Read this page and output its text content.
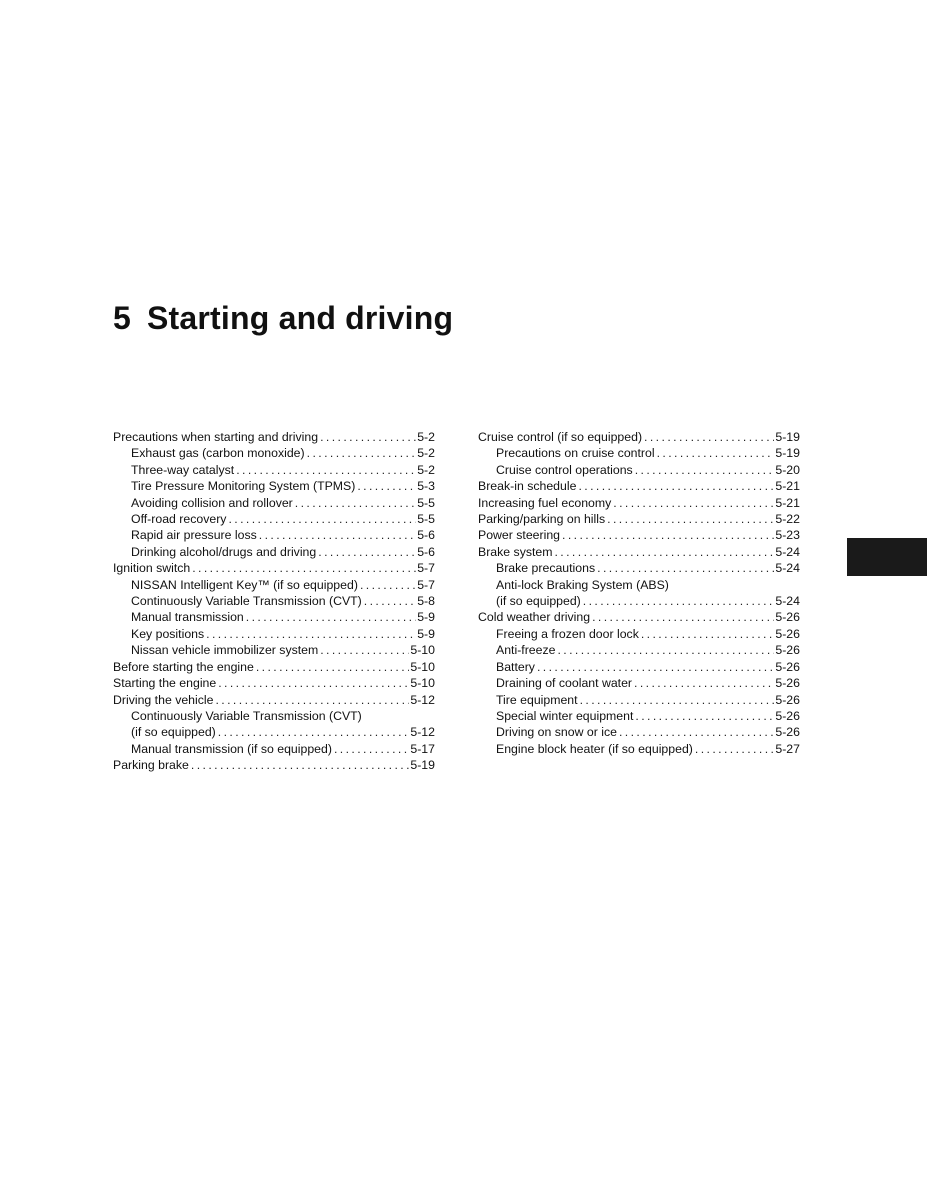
5 Starting and driving
Precautions when starting and driving .....	5-2
Exhaust gas (carbon monoxide) .....	5-2
Three-way catalyst .....	5-2
Tire Pressure Monitoring System (TPMS) .....	5-3
Avoiding collision and rollover .....	5-5
Off-road recovery .....	5-5
Rapid air pressure loss .....	5-6
Drinking alcohol/drugs and driving .....	5-6
Ignition switch .....	5-7
NISSAN Intelligent Key™ (if so equipped) .....	5-7
Continuously Variable Transmission (CVT) .....	5-8
Manual transmission .....	5-9
Key positions .....	5-9
Nissan vehicle immobilizer system .....	5-10
Before starting the engine .....	5-10
Starting the engine .....	5-10
Driving the vehicle .....	5-12
Continuously Variable Transmission (CVT)
(if so equipped) .....	5-12
Manual transmission (if so equipped) .....	5-17
Parking brake .....	5-19
Cruise control (if so equipped) .....	5-19
Precautions on cruise control .....	5-19
Cruise control operations .....	5-20
Break-in schedule .....	5-21
Increasing fuel economy .....	5-21
Parking/parking on hills .....	5-22
Power steering .....	5-23
Brake system .....	5-24
Brake precautions .....	5-24
Anti-lock Braking System (ABS)
(if so equipped) .....	5-24
Cold weather driving .....	5-26
Freeing a frozen door lock .....	5-26
Anti-freeze .....	5-26
Battery .....	5-26
Draining of coolant water .....	5-26
Tire equipment .....	5-26
Special winter equipment .....	5-26
Driving on snow or ice .....	5-26
Engine block heater (if so equipped) .....	5-27
